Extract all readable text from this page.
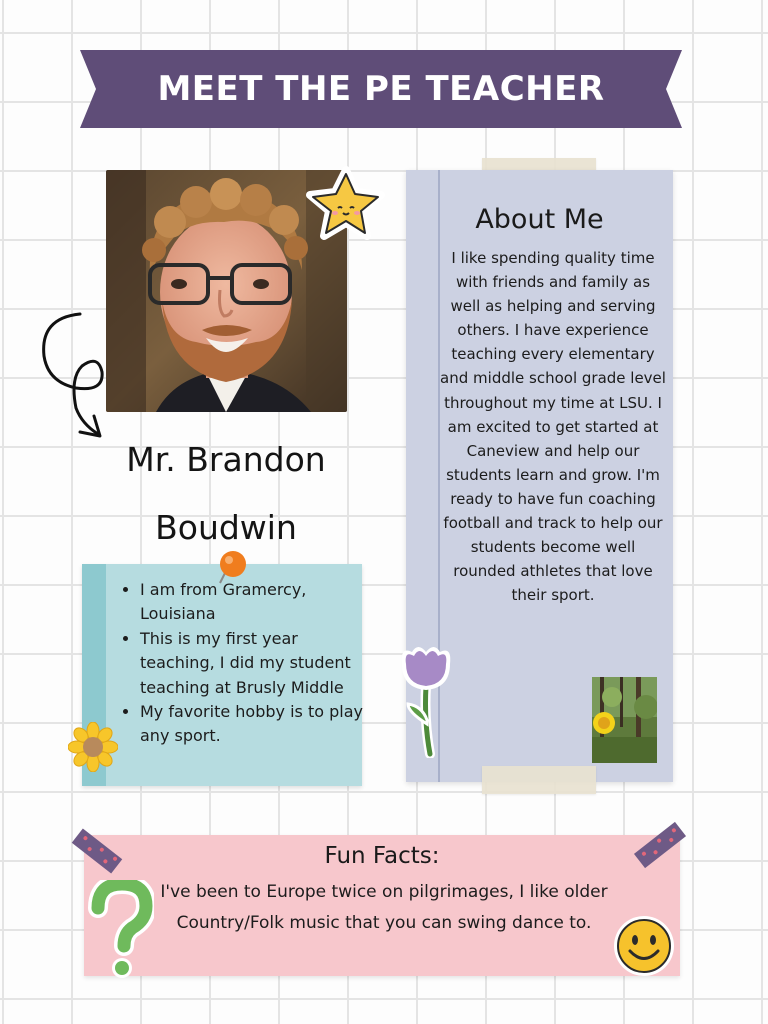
MEET THE PE TEACHER
Mr. Brandon
Boudwin
• I am from Gramercy, Louisiana
• This is my first year teaching, I did my student teaching at Brusly Middle
• My favorite hobby is to play any sport.
About Me
I like spending quality time with friends and family as well as helping and serving others. I have experience teaching every elementary and middle school grade level throughout my time at LSU. I am excited to get started at Caneview and help our students learn and grow. I'm ready to have fun coaching football and track to help our students become well rounded athletes that love their sport.
Fun Facts:
I've been to Europe twice on pilgrimages, I like older Country/Folk music that you can swing dance to.
